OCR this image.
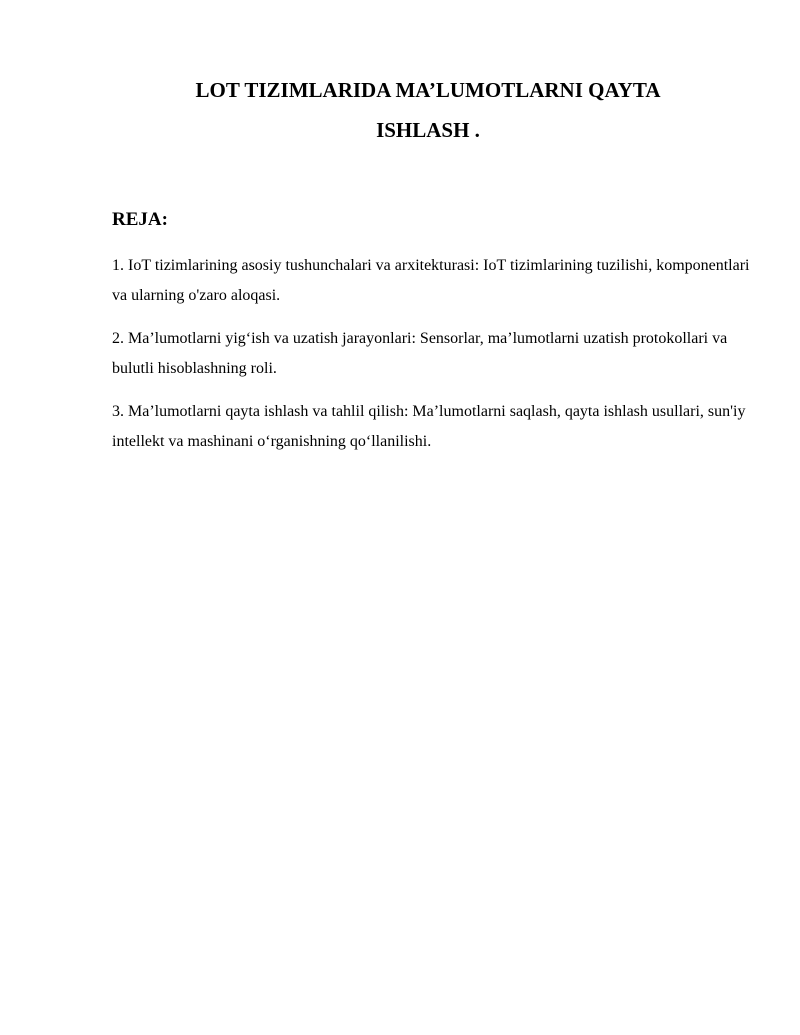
LOT TIZIMLARIDA MA’LUMOTLARNI QAYTA
ISHLASH .
REJA:
1. IoT tizimlarining asosiy tushunchalari va arxitekturasi: IoT tizimlarining tuzilishi, komponentlari va ularning o'zaro aloqasi.
2. Ma’lumotlarni yig‘ish va uzatish jarayonlari: Sensorlar, ma’lumotlarni uzatish protokollari va bulutli hisoblashning roli.
3. Ma’lumotlarni qayta ishlash va tahlil qilish: Ma’lumotlarni saqlash, qayta ishlash usullari, sun'iy intellekt va mashinani o‘rganishning qo‘llanilishi.
